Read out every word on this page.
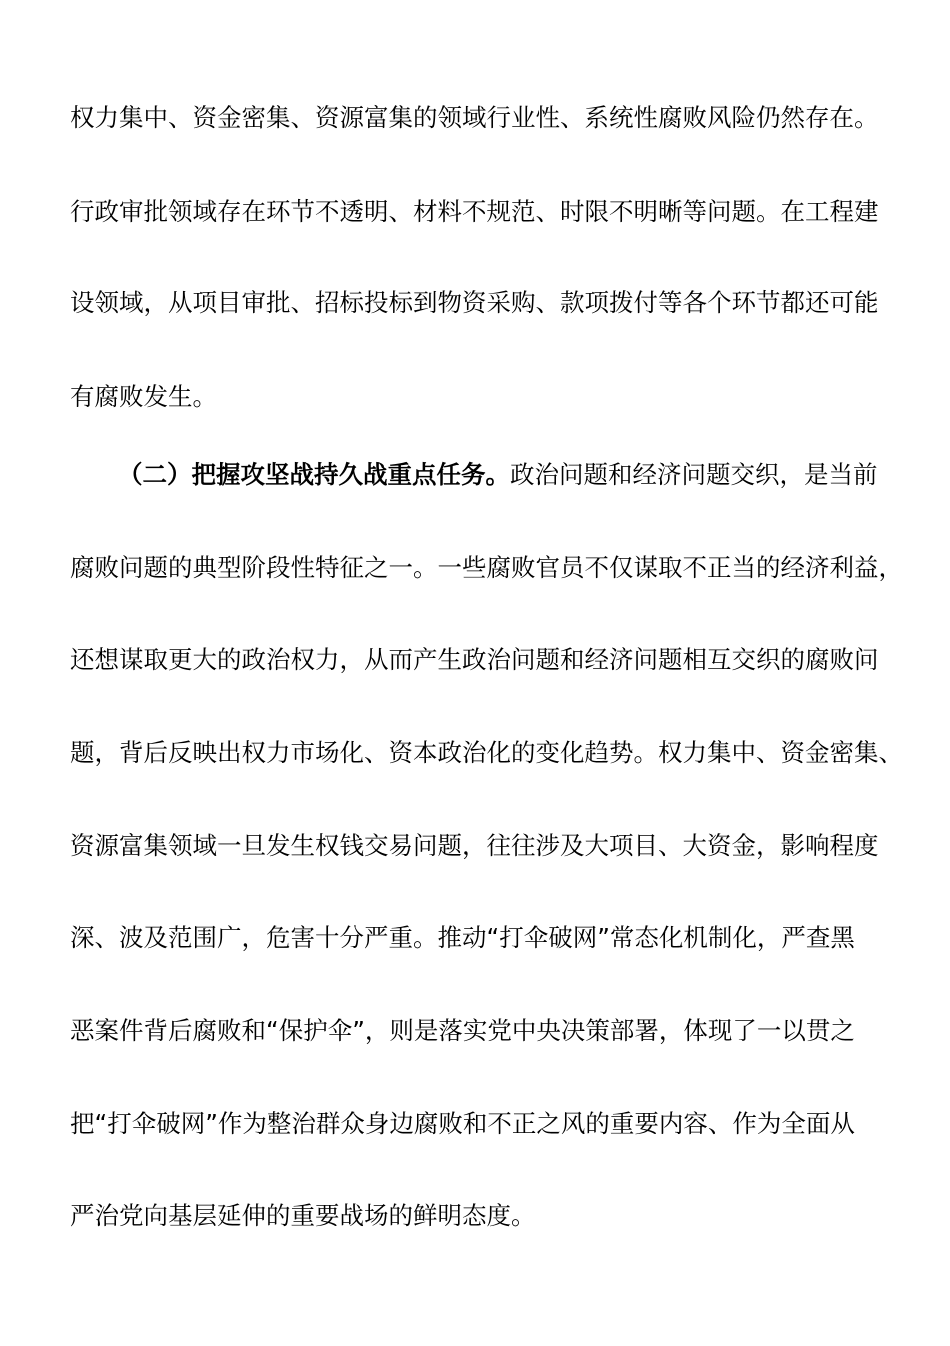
权力集中、资金密集、资源富集的领域行业性、系统性腐败风险仍然存在。
行政审批领域存在环节不透明、材料不规范、时限不明晰等问题。在工程建
设领域，从项目审批、招标投标到物资采购、款项拨付等各个环节都还可能
有腐败发生。
（二）把握攻坚战持久战重点任务。政治问题和经济问题交织，是当前
腐败问题的典型阶段性特征之一。一些腐败官员不仅谋取不正当的经济利益，
还想谋取更大的政治权力，从而产生政治问题和经济问题相互交织的腐败问
题，背后反映出权力市场化、资本政治化的变化趋势。权力集中、资金密集、
资源富集领域一旦发生权钱交易问题，往往涉及大项目、大资金，影响程度
深、波及范围广，危害十分严重。推动“打伞破网”常态化机制化，严查黑
恶案件背后腐败和“保护伞”，则是落实党中央决策部署，体现了一以贯之
把“打伞破网”作为整治群众身边腐败和不正之风的重要内容、作为全面从
严治党向基层延伸的重要战场的鲜明态度。
